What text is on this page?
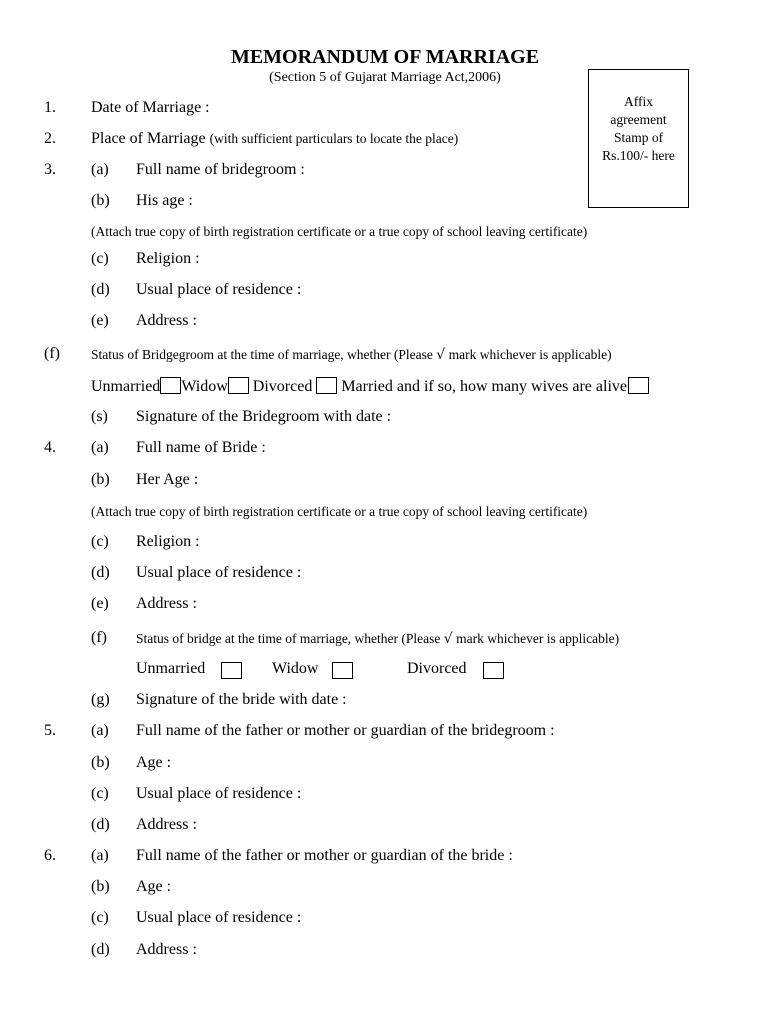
MEMORANDUM OF MARRIAGE
(Section 5 of Gujarat Marriage Act,2006)
Affix
agreement
Stamp of
Rs.100/- here
1. Date of Marriage :
2. Place of Marriage (with sufficient particulars to locate the place)
3. (a) Full name of bridegroom :
(b) His age :
(Attach true copy of birth registration certificate or a true copy of school leaving certificate)
(c) Religion :
(d) Usual place of residence :
(e) Address :
(f) Status of Bridgegroom at the time of marriage, whether (Please √ mark whichever is applicable)
Unmarried Widow Divorced Married and if so, how many wives are alive
(s) Signature of the Bridegroom with date :
4. (a) Full name of Bride :
(b) Her Age :
(Attach true copy of birth registration certificate or a true copy of school leaving certificate)
(c) Religion :
(d) Usual place of residence :
(e) Address :
(f) Status of bridge at the time of marriage, whether (Please √ mark whichever is applicable)
Unmarried	Widow	Divorced
(g) Signature of the bride with date :
5. (a) Full name of the father or mother or guardian of the bridegroom :
(b) Age :
(c) Usual place of residence :
(d) Address :
6. (a) Full name of the father or mother or guardian of the bride :
(b) Age :
(c) Usual place of residence :
(d) Address :
